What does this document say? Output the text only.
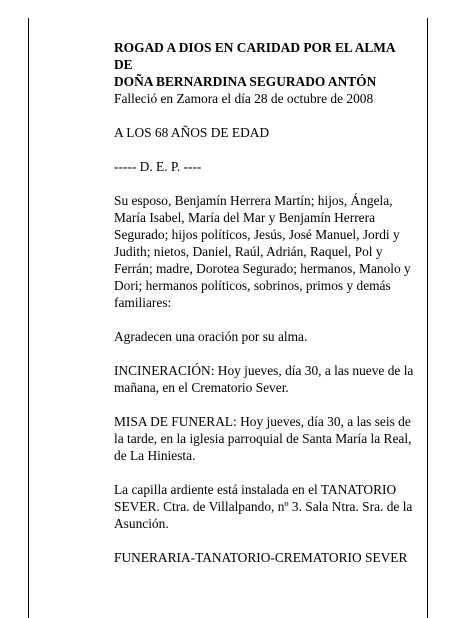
ROGAD A DIOS EN CARIDAD POR EL ALMA
DE
DOÑA BERNARDINA SEGURADO ANTÓN
Falleció en Zamora el día 28 de octubre de 2008
A LOS 68 AÑOS DE EDAD
----- D. E. P. ----
Su esposo, Benjamín Herrera Martín; hijos, Ángela,
María Isabel, María del Mar y Benjamín Herrera
Segurado; hijos políticos, Jesús, José Manuel, Jordi y
Judith; nietos, Daniel, Raúl, Adrián, Raquel, Pol y
Ferrán; madre, Dorotea Segurado; hermanos, Manolo y
Dori; hermanos políticos, sobrinos, primos y demás
familiares:
Agradecen una oración por su alma.
INCINERACIÓN: Hoy jueves, día 30, a las nueve de la
mañana, en el Crematorio Sever.
MISA DE FUNERAL: Hoy jueves, día 30, a las seis de
la tarde, en la iglesia parroquial de Santa María la Real,
de La Hiniesta.
La capilla ardiente está instalada en el TANATORIO
SEVER. Ctra. de Villalpando, nº 3. Sala Ntra. Sra. de la
Asunción.
FUNERARIA-TANATORIO-CREMATORIO SEVER
